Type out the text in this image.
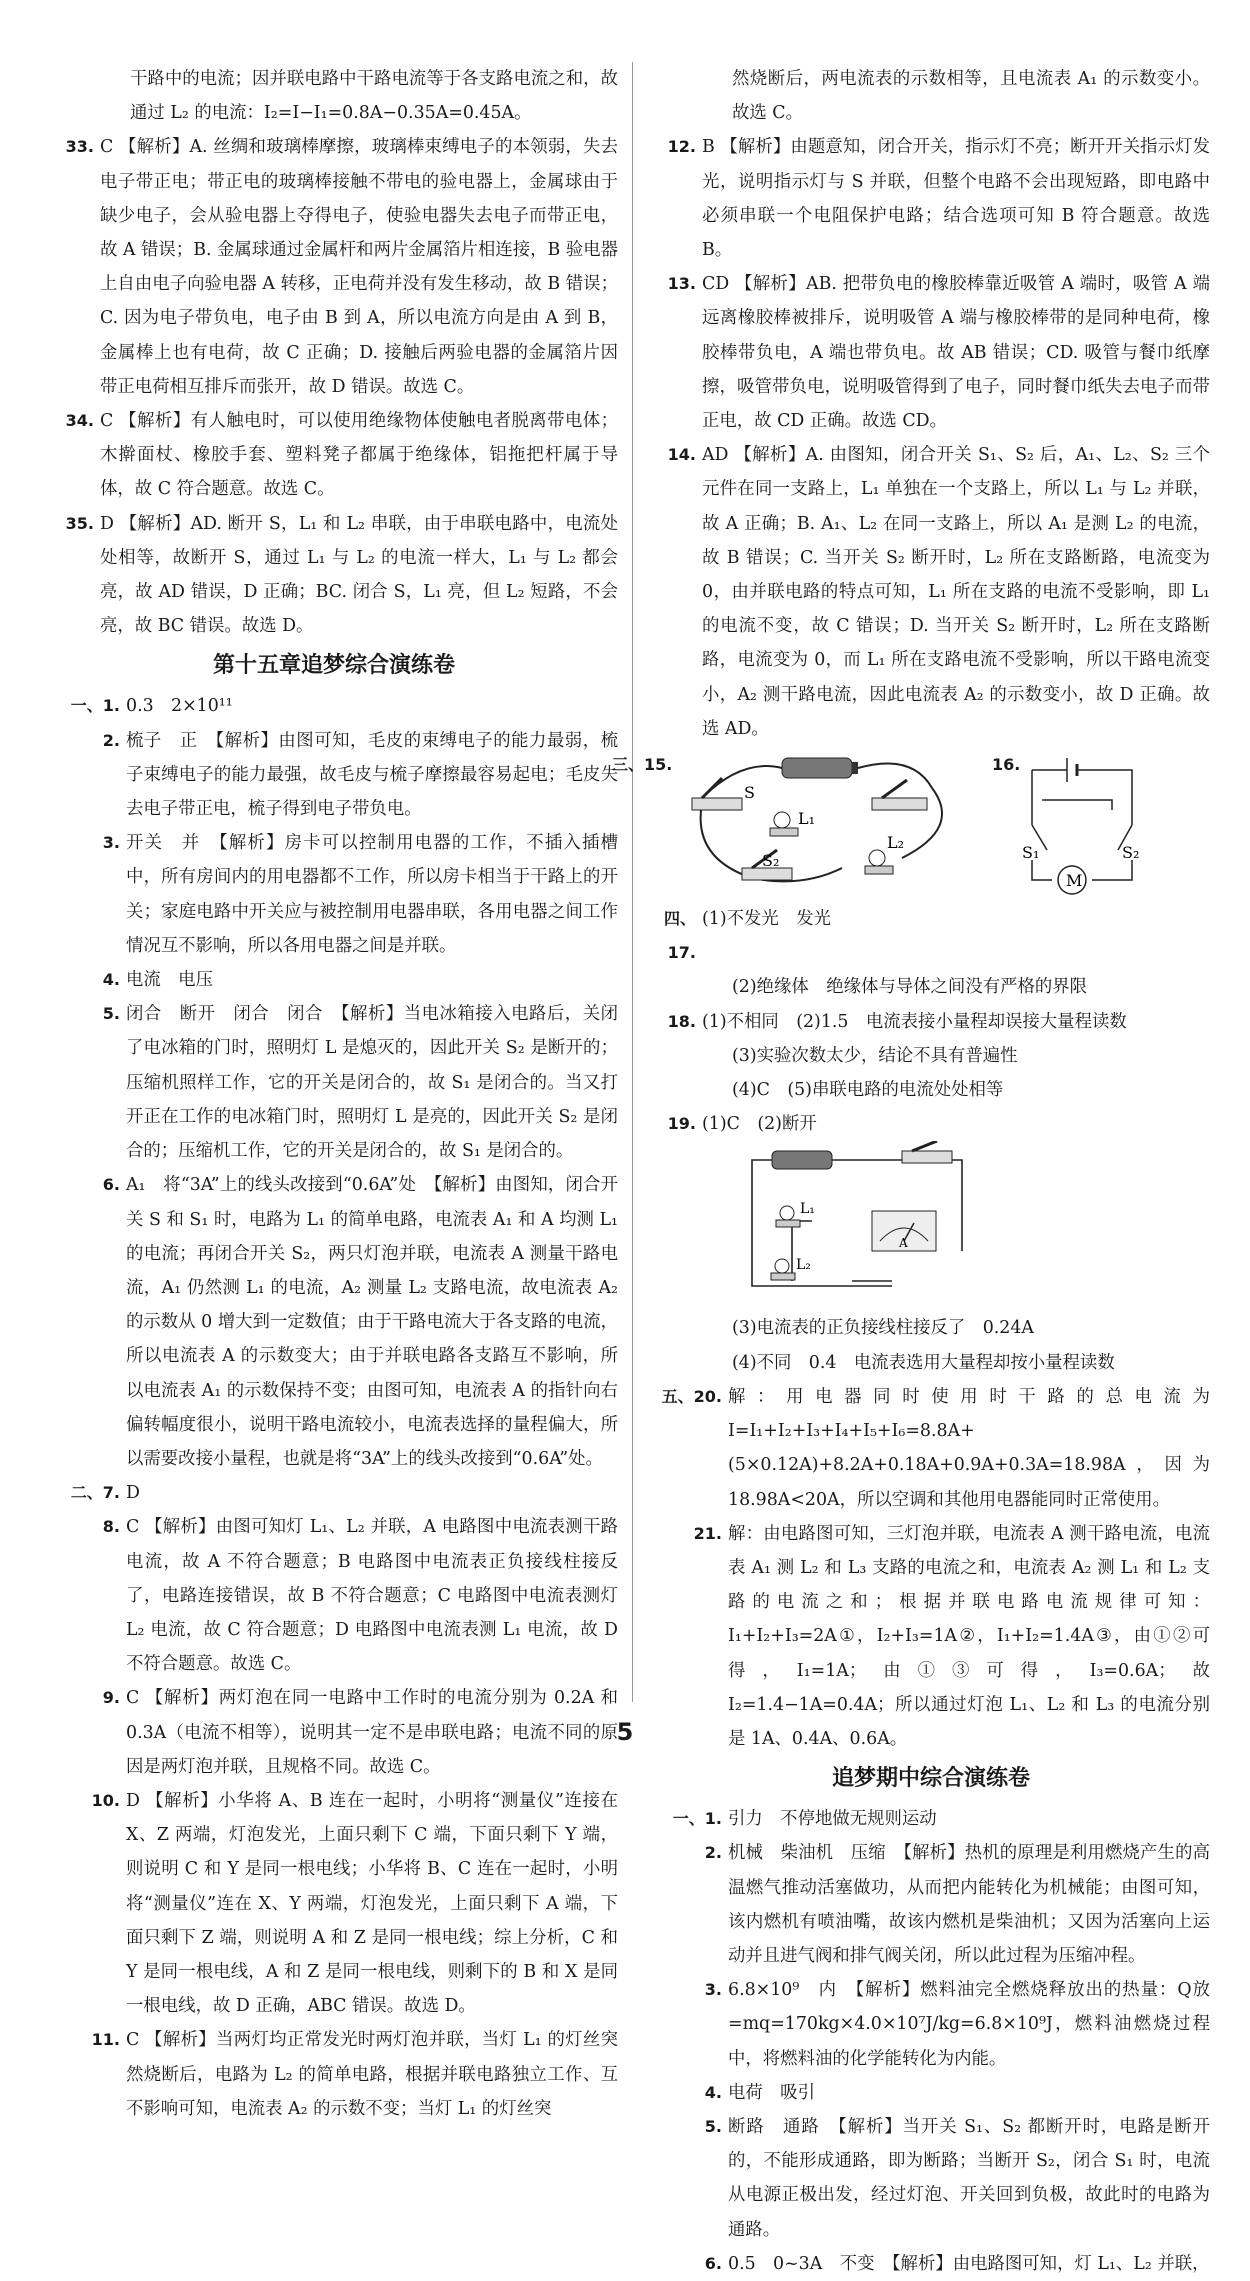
干路中的电流；因并联电路中干路电流等于各支路电流之和，故通过 L₂ 的电流：I₂=I−I₁=0.8A−0.35A=0.45A。
33. C 【解析】A. 丝绸和玻璃棒摩擦，玻璃棒束缚电子的本领弱，失去电子带正电；带正电的玻璃棒接触不带电的验电器上，金属球由于缺少电子，会从验电器上夺得电子，使验电器失去电子而带正电，故 A 错误；B. 金属球通过金属杆和两片金属箔片相连接，B 验电器上自由电子向验电器 A 转移，正电荷并没有发生移动，故 B 错误；C. 因为电子带负电，电子由 B 到 A，所以电流方向是由 A 到 B，金属棒上也有电荷，故 C 正确；D. 接触后两验电器的金属箔片因带正电荷相互排斥而张开，故 D 错误。故选 C。
34. C 【解析】有人触电时，可以使用绝缘物体使触电者脱离带电体；木擀面杖、橡胶手套、塑料凳子都属于绝缘体，铝拖把杆属于导体，故 C 符合题意。故选 C。
35. D 【解析】AD. 断开 S，L₁ 和 L₂ 串联，由于串联电路中，电流处处相等，故断开 S，通过 L₁ 与 L₂ 的电流一样大，L₁ 与 L₂ 都会亮，故 AD 错误，D 正确；BC. 闭合 S，L₁ 亮，但 L₂ 短路，不会亮，故 BC 错误。故选 D。
第十五章追梦综合演练卷
一、1. 0.3　2×10¹¹
2. 梳子　正　【解析】由图可知，毛皮的束缚电子的能力最弱，梳子束缚电子的能力最强，故毛皮与梳子摩擦最容易起电；毛皮失去电子带正电，梳子得到电子带负电。
3. 开关　并　【解析】房卡可以控制用电器的工作，不插入插槽中，所有房间内的用电器都不工作，所以房卡相当于干路上的开关；家庭电路中开关应与被控制用电器串联，各用电器之间工作情况互不影响，所以各用电器之间是并联。
4. 电流　电压
5. 闭合　断开　闭合　闭合　【解析】当电冰箱接入电路后，关闭了电冰箱的门时，照明灯 L 是熄灭的，因此开关 S₂ 是断开的；压缩机照样工作，它的开关是闭合的，故 S₁ 是闭合的。当又打开正在工作的电冰箱门时，照明灯 L 是亮的，因此开关 S₂ 是闭合的；压缩机工作，它的开关是闭合的，故 S₁ 是闭合的。
6. A₁　将“3A”上的线头改接到“0.6A”处　【解析】由图知，闭合开关 S 和 S₁ 时，电路为 L₁ 的简单电路，电流表 A₁ 和 A 均测 L₁ 的电流；再闭合开关 S₂，两只灯泡并联，电流表 A 测量干路电流，A₁ 仍然测 L₁ 的电流，A₂ 测量 L₂ 支路电流，故电流表 A₂ 的示数从 0 增大到一定数值；由于干路电流大于各支路的电流，所以电流表 A 的示数变大；由于并联电路各支路互不影响，所以电流表 A₁ 的示数保持不变；由图可知，电流表 A 的指针向右偏转幅度很小，说明干路电流较小，电流表选择的量程偏大，所以需要改接小量程，也就是将“3A”上的线头改接到“0.6A”处。
二、7. D
8. C 【解析】由图可知灯 L₁、L₂ 并联，A 电路图中电流表测干路电流，故 A 不符合题意；B 电路图中电流表正负接线柱接反了，电路连接错误，故 B 不符合题意；C 电路图中电流表测灯 L₂ 电流，故 C 符合题意；D 电路图中电流表测 L₁ 电流，故 D 不符合题意。故选 C。
9. C 【解析】两灯泡在同一电路中工作时的电流分别为 0.2A 和 0.3A（电流不相等），说明其一定不是串联电路；电流不同的原因是两灯泡并联，且规格不同。故选 C。
10. D 【解析】小华将 A、B 连在一起时，小明将“测量仪”连接在 X、Z 两端，灯泡发光，上面只剩下 C 端，下面只剩下 Y 端，则说明 C 和 Y 是同一根电线；小华将 B、C 连在一起时，小明将“测量仪”连在 X、Y 两端，灯泡发光，上面只剩下 A 端，下面只剩下 Z 端，则说明 A 和 Z 是同一根电线；综上分析，C 和 Y 是同一根电线，A 和 Z 是同一根电线，则剩下的 B 和 X 是同一根电线，故 D 正确，ABC 错误。故选 D。
11. C 【解析】当两灯均正常发光时两灯泡并联，当灯 L₁ 的灯丝突然烧断后，电路为 L₂ 的简单电路，根据并联电路独立工作、互不影响可知，电流表 A₂ 的示数不变；当灯 L₁ 的灯丝突
然烧断后，两电流表的示数相等，且电流表 A₁ 的示数变小。故选 C。
12. B 【解析】由题意知，闭合开关，指示灯不亮；断开开关指示灯发光，说明指示灯与 S 并联，但整个电路不会出现短路，即电路中必须串联一个电阻保护电路；结合选项可知 B 符合题意。故选 B。
13. CD 【解析】AB. 把带负电的橡胶棒靠近吸管 A 端时，吸管 A 端远离橡胶棒被排斥，说明吸管 A 端与橡胶棒带的是同种电荷，橡胶棒带负电，A 端也带负电。故 AB 错误；CD. 吸管与餐巾纸摩擦，吸管带负电，说明吸管得到了电子，同时餐巾纸失去电子而带正电，故 CD 正确。故选 CD。
14. AD 【解析】A. 由图知，闭合开关 S₁、S₂ 后，A₁、L₂、S₂ 三个元件在同一支路上，L₁ 单独在一个支路上，所以 L₁ 与 L₂ 并联，故 A 正确；B. A₁、L₂ 在同一支路上，所以 A₁ 是测 L₂ 的电流，故 B 错误；C. 当开关 S₂ 断开时，L₂ 所在支路断路，电流变为 0，由并联电路的特点可知，L₁ 所在支路的电流不受影响，即 L₁ 的电流不变，故 C 错误；D. 当开关 S₂ 断开时，L₂ 所在支路断路，电流变为 0，而 L₁ 所在支路电流不受影响，所以干路电流变小，A₂ 测干路电流，因此电流表 A₂ 的示数变小，故 D 正确。故选 AD。
三、15.
S
L₁
S₂
L₂
16.
M
S₁	S₂
四、17.
(1)不发光　发光
(2)绝缘体　绝缘体与导体之间没有严格的界限
18. (1)不相同　(2)1.5　电流表接小量程却误接大量程读数
(3)实验次数太少，结论不具有普遍性
(4)C　(5)串联电路的电流处处相等
19. (1)C　(2)断开
A
L₁
L₂
(3)电流表的正负接线柱接反了　0.24A
(4)不同　0.4　电流表选用大量程却按小量程读数
五、20. 解：用电器同时使用时干路的总电流为 I=I₁+I₂+I₃+I₄+I₅+I₆=8.8A+(5×0.12A)+8.2A+0.18A+0.9A+0.3A=18.98A，因为 18.98A<20A，所以空调和其他用电器能同时正常使用。
21. 解：由电路图可知，三灯泡并联，电流表 A 测干路电流，电流表 A₁ 测 L₂ 和 L₃ 支路的电流之和，电流表 A₂ 测 L₁ 和 L₂ 支路的电流之和；根据并联电路电流规律可知：I₁+I₂+I₃=2A①，I₂+I₃=1A②，I₁+I₂=1.4A③，由①②可得，I₁=1A；由①③可得，I₃=0.6A；故 I₂=1.4−1A=0.4A；所以通过灯泡 L₁、L₂ 和 L₃ 的电流分别是 1A、0.4A、0.6A。
追梦期中综合演练卷
一、1. 引力　不停地做无规则运动
2. 机械　柴油机　压缩　【解析】热机的原理是利用燃烧产生的高温燃气推动活塞做功，从而把内能转化为机械能；由图可知，该内燃机有喷油嘴，故该内燃机是柴油机；又因为活塞向上运动并且进气阀和排气阀关闭，所以此过程为压缩冲程。
3. 6.8×10⁹　内　【解析】燃料油完全燃烧释放出的热量：Q放=mq=170kg×4.0×10⁷J/kg=6.8×10⁹J，燃料油燃烧过程中，将燃料油的化学能转化为内能。
4. 电荷　吸引
5. 断路　通路　【解析】当开关 S₁、S₂ 都断开时，电路是断开的，不能形成通路，即为断路；当断开 S₂，闭合 S₁ 时，电流从电源正极出发，经过灯泡、开关回到负极，故此时的电路为通路。
6. 0.5　0~3A　不变　【解析】由电路图可知，灯 L₁、L₂ 并联，
5
